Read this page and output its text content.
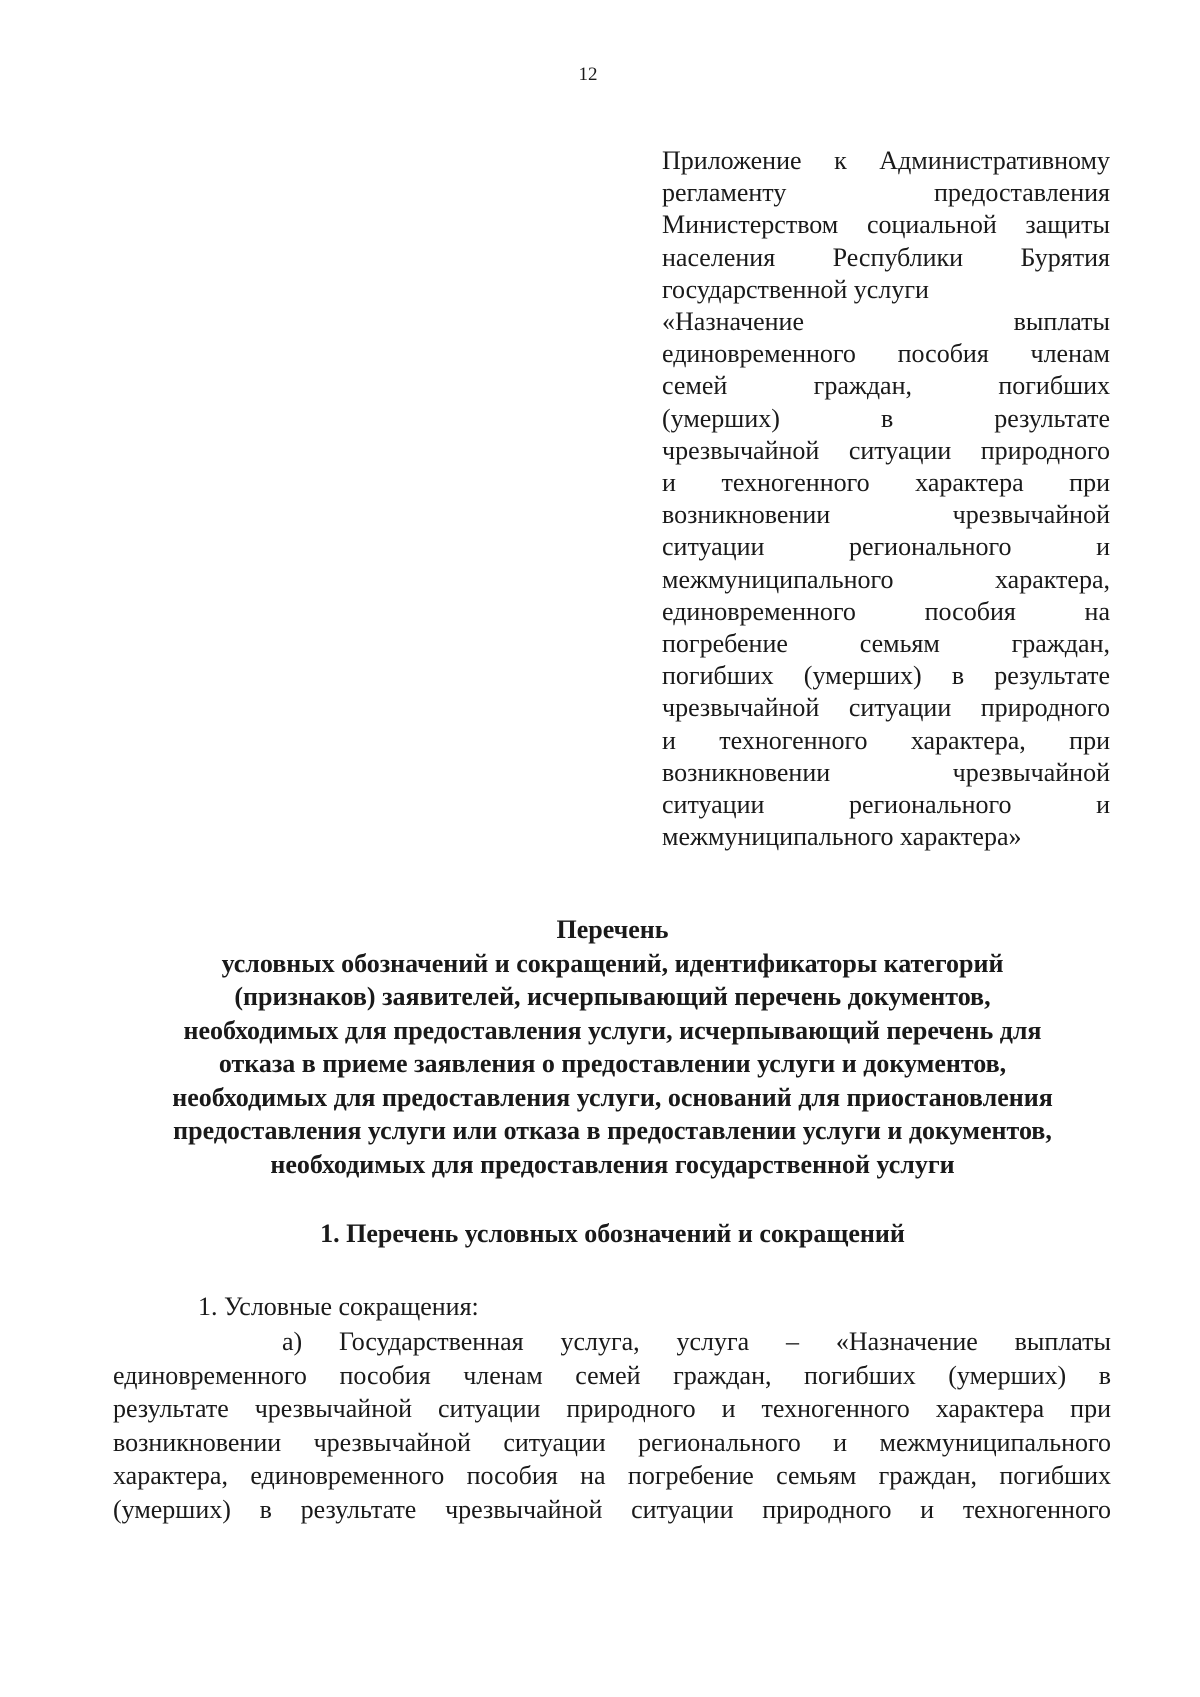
12
Приложение к Административному
регламенту предоставления
Министерством социальной защиты
населения Республики Бурятия
государственной услуги
«Назначение выплаты
единовременного пособия членам
семей граждан, погибших
(умерших) в результате
чрезвычайной ситуации природного
и техногенного характера при
возникновении чрезвычайной
ситуации регионального и
межмуниципального характера,
единовременного пособия на
погребение семьям граждан,
погибших (умерших) в результате
чрезвычайной ситуации природного
и техногенного характера, при
возникновении чрезвычайной
ситуации регионального и
межмуниципального характера»
Перечень
условных обозначений и сокращений, идентификаторы категорий
(признаков) заявителей, исчерпывающий перечень документов,
необходимых для предоставления услуги, исчерпывающий перечень для
отказа в приеме заявления о предоставлении услуги и документов,
необходимых для предоставления услуги, оснований для приостановления
предоставления услуги или отказа в предоставлении услуги и документов,
необходимых для предоставления государственной услуги
1. Перечень условных обозначений и сокращений
1. Условные сокращения:
а) Государственная услуга, услуга – «Назначение выплаты
единовременного пособия членам семей граждан, погибших (умерших) в
результате чрезвычайной ситуации природного и техногенного характера при
возникновении чрезвычайной ситуации регионального и межмуниципального
характера, единовременного пособия на погребение семьям граждан, погибших
(умерших) в результате чрезвычайной ситуации природного и техногенного
